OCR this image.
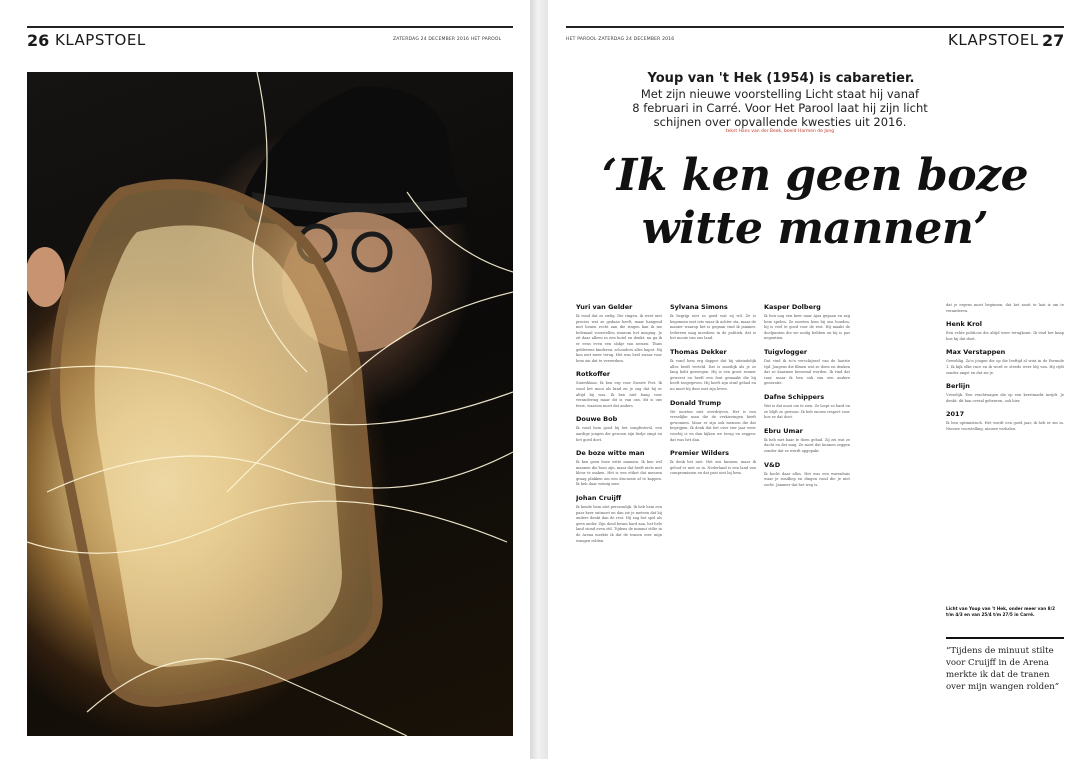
26 KLAPSTOEL	ZATERDAG 24 DECEMBER 2016 HET PAROOL	HET PAROOL ZATERDAG 24 DECEMBER 2016	KLAPSTOEL 27
Youp van 't Hek (1954) is cabaretier.
Met zijn nieuwe voorstelling Licht staat hij vanaf
8 februari in Carré. Voor Het Parool laat hij zijn licht
schijnen over opvallende kwesties uit 2016.
tekst Hans van der Beek, beeld Harmen de Jong
‘Ik ken geen boze
witte mannen’
Yuri van Gelder

Ik vond dat zo zielig. Die ringen, ik weet niet precies wat ze gedaan heeft, maar hangend met benen recht aan die ringen kan ik me helemaal voorstellen waarom het misging. Je zit daar alleen in een hotel en denkt: nu ga ik er eens even een slokje van nemen. Thuis geblevene kinderen, schouders alles kapot. Hij kon niet meer terug. Het was heel zwaar voor hem om dat te verwerken.

Rotkoffer

Sinterklaas. Ik ben erg voor Zwarte Piet. Ik vond het mooi als kind en je zag dat hij er altijd bij was. Ik ben niet bang voor verandering maar dit is van ons, dit is ons feest, waarom moet dat anders.

Douwe Bob

Ik vond hem goed bij het songfestival, een aardige jongen die gewoon zijn liedje zingt en het goed doet.

De boze witte man

Ik ken geen boze witte mannen. Ik ken wel mannen die boos zijn, maar dat heeft niets met kleur te maken. Het is een etiket dat mensen graag plakken om een discussie af te kappen. Ik heb daar weinig mee.

Johan Cruijff

Ik kende hem niet persoonlijk. Ik heb hem een paar keer ontmoet en dan zie je meteen dat hij anders denkt dan de rest. Hij zag het spel als geen ander. Zijn dood kwam hard aan, het hele land stond even stil. Tijdens de minuut stilte in de Arena merkte ik dat de tranen over mijn wangen rolden.

Sylvana Simons

Ik begrijp niet zo goed wat zij wil. Ze is begonnen met iets waar ik achter sta, maar de manier waarop het is gegaan vind ik jammer. Iedereen mag meedoen in de politiek, dat is het mooie van ons land.

Thomas Dekker

Ik vond hem erg dapper dat hij uiteindelijk alles heeft verteld. Dat is moeilijk als je zo lang hebt gezwegen. Hij is een groot renner geweest en heeft een fout gemaakt die hij heeft toegegeven. Hij heeft zijn straf gehad en nu moet hij door met zijn leven.

Donald Trump

We moeten niet overdrijven. Het is een vreselijke man die de verkiezingen heeft gewonnen. Maar er zijn ook mensen die dat begrijpen. Ik denk dat het over vier jaar weer voorbij is en dan kijken we terug en zeggen: dat was het dan.

Premier Wilders

Ik denk het niet. Het zou kunnen, maar ik geloof er niet zo in. Nederland is een land van compromissen en dat past niet bij hem.

Kasper Dolberg

Ik ben nog een keer naar Ajax gegaan en zag hem spelen. Ze moeten hem bij ons houden, hij is veel te goed voor de rest. Hij maakt de doelpunten die we nodig hebben en hij is pas negentien.

Tuigvlogger

Dat vind ik zo'n verschijnsel van de laatste tijd. Jongens die filmen wat ze doen en denken dat ze daarmee beroemd worden. Ik vind dat raar, maar ik ben ook van een andere generatie.

Dafne Schippers

Wat is dat mooi om te zien. Ze loopt zo hard en ze blijft zo gewoon. Ik heb enorm respect voor hoe ze dat doet.

Ebru Umar

Ik heb met haar te doen gehad. Zij zei wat ze dacht en dat mag. Ze moet dat kunnen zeggen zonder dat ze wordt opgepakt.

V&D

Ik kocht daar alles. Het was een warenhuis waar je rondliep en dingen vond die je niet zocht. Jammer dat het weg is.

dat je ergens moet beginnen, dat het nooit te laat is om te veranderen.

Henk Krol

Een echte politicus die altijd weer terugkomt. Ik vind het knap hoe hij dat doet.

Max Verstappen

Geweldig. Zo'n jongen die op die leeftijd al wint in de Formule 1. Ik kijk elke race en ik word er steeds weer blij van. Hij rijdt zonder angst en dat zie je.

Berlijn

Vreselijk. Een vrachtwagen die op een kerstmarkt inrijdt. Je denkt: dit kan overal gebeuren, ook hier.

2017

Ik ben optimistisch. Het wordt een goed jaar, ik heb er zin in. Nieuwe voorstelling, nieuwe verhalen.

Licht van Youp van 't Hek, onder meer van 8/2 t/m 4/3 en van 25/4 t/m 27/5 in Carré.
“Tijdens de minuut stilte voor Cruijff in de Arena merkte ik dat de tranen over mijn wangen rolden”
